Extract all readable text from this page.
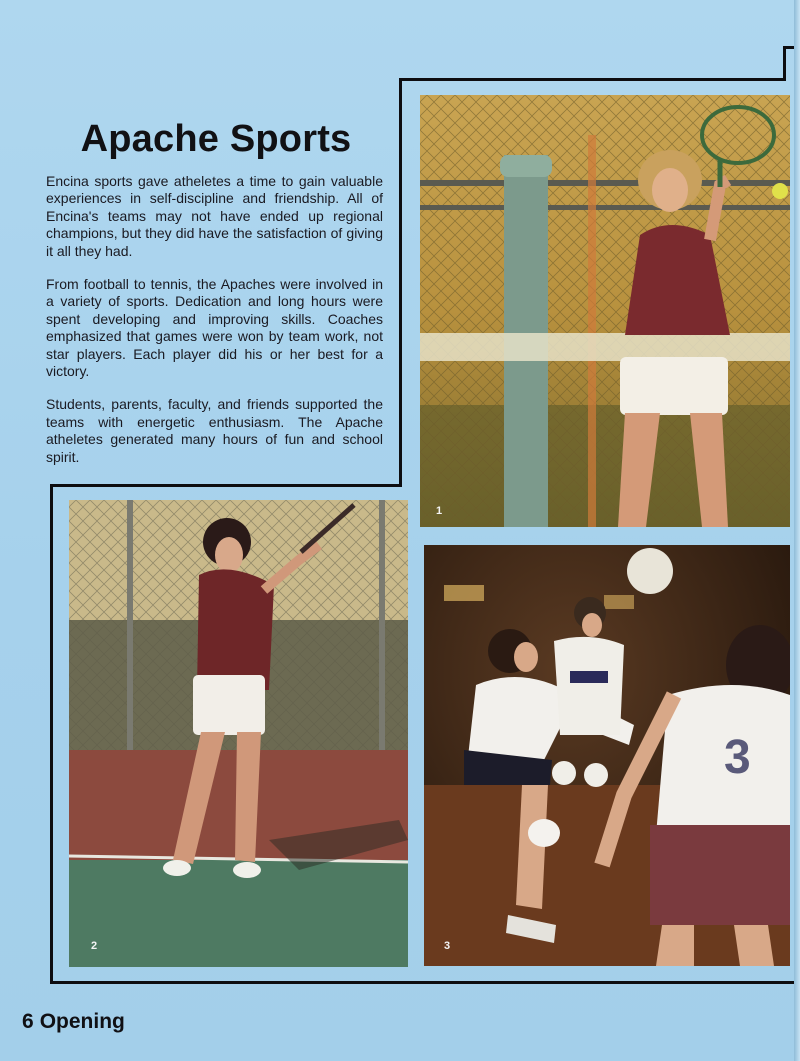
Apache Sports

Encina sports gave atheletes a time to gain valuable experiences in self-discipline and friendship. All of Encina's teams may not have ended up regional champions, but they did have the satisfaction of giving it all they had.

From football to tennis, the Apaches were involved in a variety of sports. Dedication and long hours were spent developing and improving skills. Coaches emphasized that games were won by team work, not star players. Each player did his or her best for a victory.

Students, parents, faculty, and friends supported the teams with energetic enthusiasm. The Apache atheletes generated many hours of fun and school spirit.

1
2
3
3
6 Opening
